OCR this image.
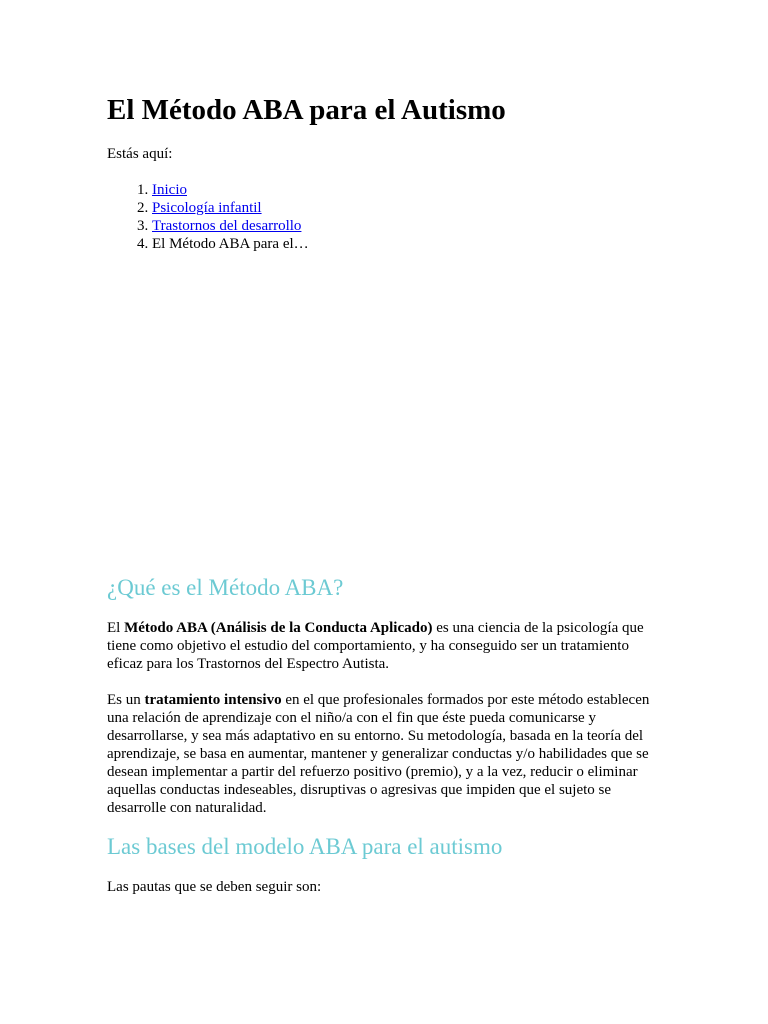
El Método ABA para el Autismo

Estás aquí:

1. Inicio
2. Psicología infantil
3. Trastornos del desarrollo
4. El Método ABA para el…
¿Qué es el Método ABA?

El Método ABA (Análisis de la Conducta Aplicado) es una ciencia de la psicología que tiene como objetivo el estudio del comportamiento, y ha conseguido ser un tratamiento eficaz para los Trastornos del Espectro Autista.

Es un tratamiento intensivo en el que profesionales formados por este método establecen una relación de aprendizaje con el niño/a con el fin que éste pueda comunicarse y desarrollarse, y sea más adaptativo en su entorno. Su metodología, basada en la teoría del aprendizaje, se basa en aumentar, mantener y generalizar conductas y/o habilidades que se desean implementar a partir del refuerzo positivo (premio), y a la vez, reducir o eliminar aquellas conductas indeseables, disruptivas o agresivas que impiden que el sujeto se desarrolle con naturalidad.

Las bases del modelo ABA para el autismo

Las pautas que se deben seguir son:
